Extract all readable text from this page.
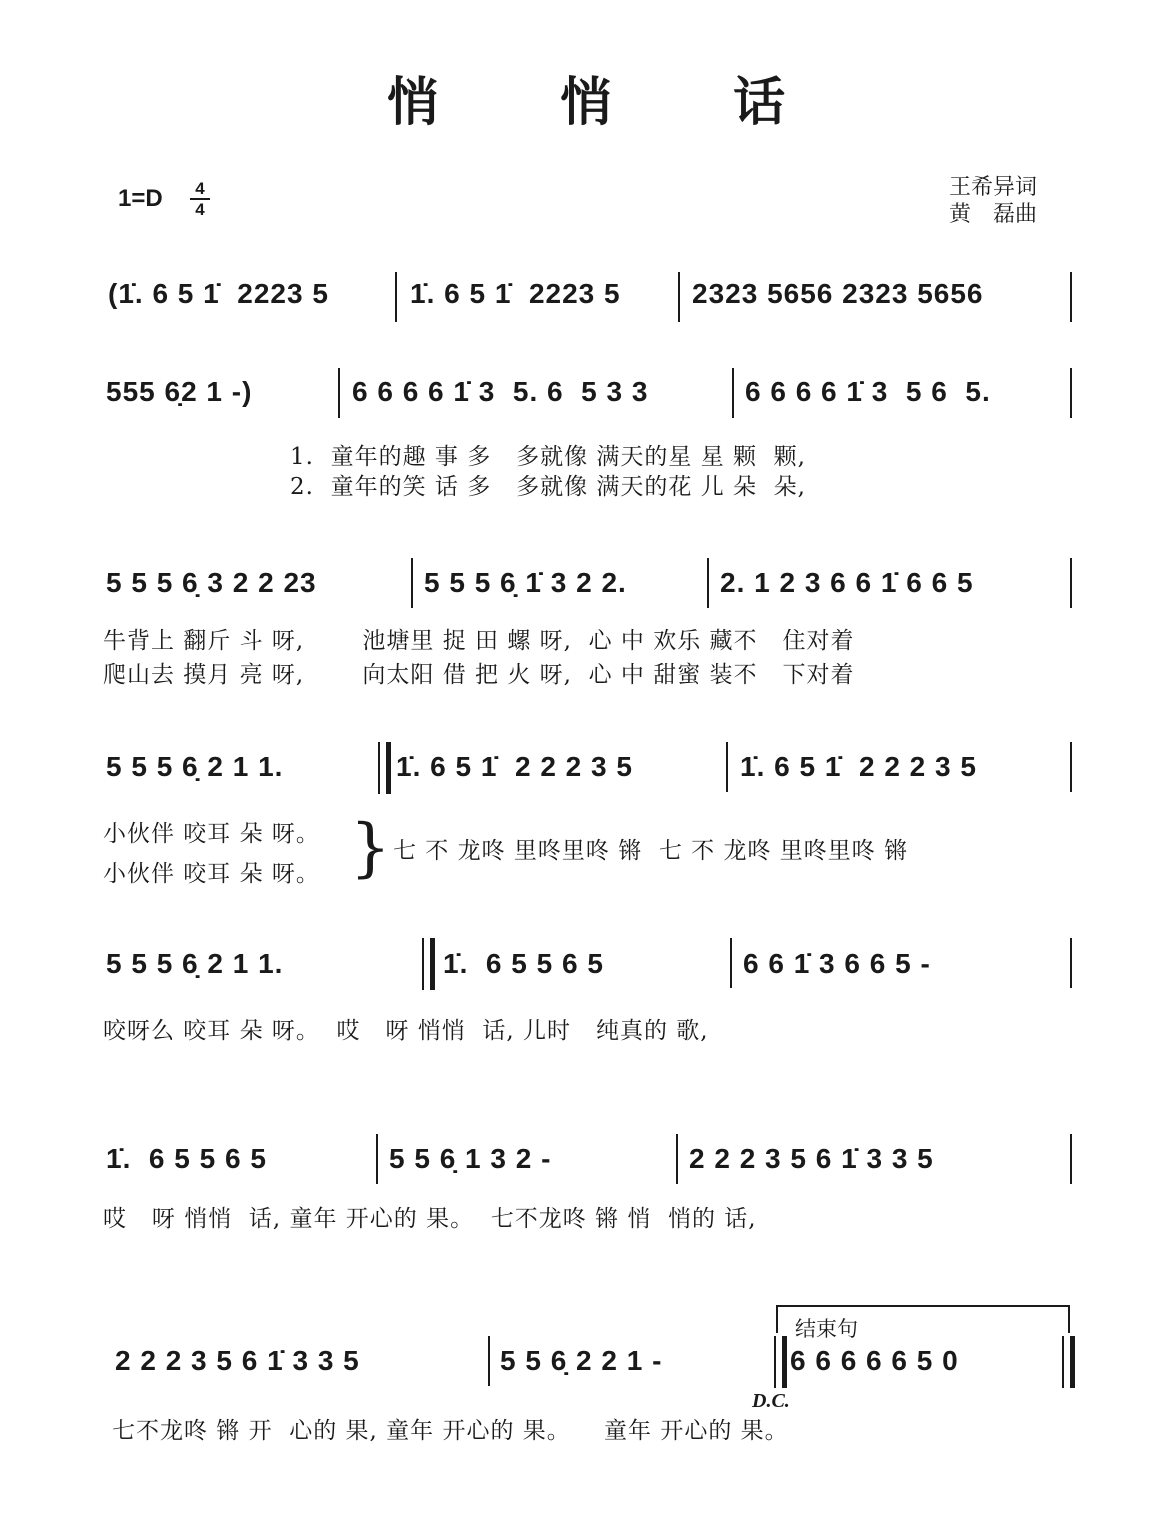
悄 悄 话
1=D	4
4
王希异词
黄　磊曲
(1̇. 6 5 1̇  2223 5	1̇. 6 5 1̇  2223 5	2323 5656 2323 5656
555 6̣2 1 -)	6 6 6 6 1̇ 3  5. 6  5 3 3	6 6 6 6 1̇ 3  5 6  5.
1.  童年的趣 事 多   多就像 满天的星 星 颗  颗,
2.  童年的笑 话 多   多就像 满天的花 儿 朵  朵,
5 5 5 6̣ 3 2 2 23	5 5 5 6̣ 1̇ 3 2 2.	2. 1 2 3 6 6 1̇ 6 6 5
牛背上 翻斤 斗 呀,       池塘里 捉 田 螺 呀,  心 中 欢乐 藏不   住对着
爬山去 摸月 亮 呀,       向太阳 借 把 火 呀,  心 中 甜蜜 装不   下对着
5 5 5 6̣ 2 1 1.	1̇. 6 5 1̇  2 2 2 3 5	1̇. 6 5 1̇  2 2 2 3 5
小伙伴 咬耳 朵 呀。
小伙伴 咬耳 朵 呀。 } 七 不 龙咚 里咚里咚 锵  七 不 龙咚 里咚里咚 锵
5 5 5 6̣ 2 1 1.	1̇.  6 5 5 6 5	6 6 1̇ 3 6 6 5 -
咬呀么 咬耳 朵 呀。  哎   呀 悄悄  话, 儿时   纯真的 歌,
1̇.  6 5 5 6 5	5 5 6̣ 1 3 2 -	2 2 2 3 5 6 1̇ 3 3 5
哎   呀 悄悄  话, 童年 开心的 果。  七不龙咚 锵 悄  悄的 话,
结束句
2 2 2 3 5 6 1̇ 3 3 5	5 5 6̣ 2 2 1 -	6 6 6 6 6 5 0
D.C.
七不龙咚 锵 开  心的 果, 童年 开心的 果。    童年 开心的 果。
